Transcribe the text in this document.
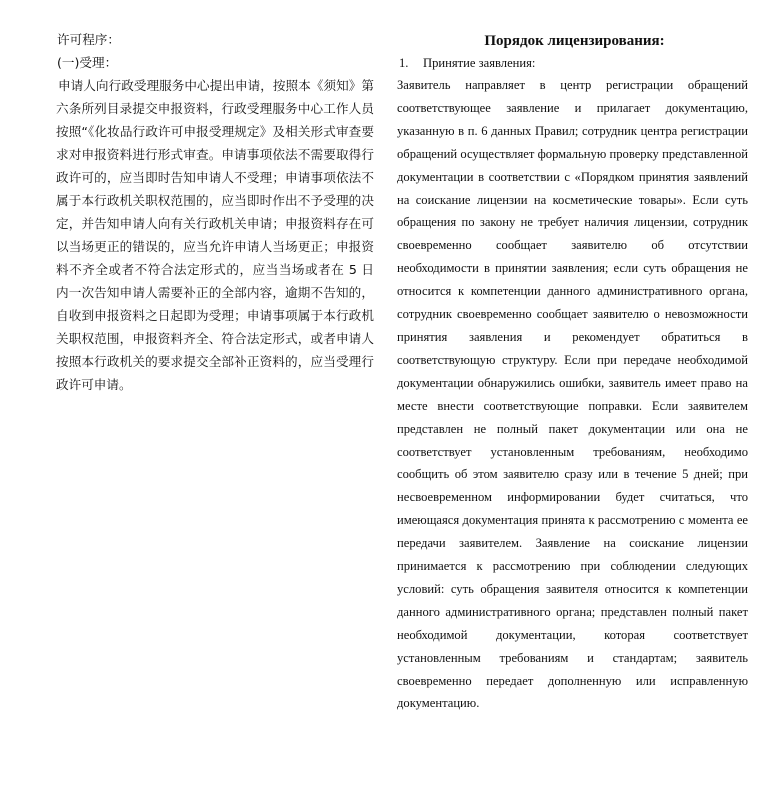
许可程序：

(一)受理：

申请人向行政受理服务中心提出申请，按照本《须知》第六条所列目录提交申报资料，行政受理服务中心工作人员按照“《化妆品行政许可申报受理规定》及相关形式审查要求对申报资料进行形式审查。申请事项依法不需要取得行政许可的，应当即时告知申请人不受理；申请事项依法不属于本行政机关职权范围的，应当即时作出不予受理的决定，并告知申请人向有关行政机关申请；申报资料存在可以当场更正的错误的，应当允许申请人当场更正；申报资料不齐全或者不符合法定形式的，应当当场或者在 5 日内一次告知申请人需要补正的全部内容，逾期不告知的，自收到申报资料之日起即为受理；申请事项属于本行政机关职权范围，申报资料齐全、符合法定形式，或者申请人按照本行政机关的要求提交全部补正资料的，应当受理行政许可申请。

Порядок лицензирования:

1. Принятие заявления:

Заявитель направляет в центр регистрации обращений соответствующее заявление и прилагает документацию, указанную в п. 6 данных Правил; сотрудник центра регистрации обращений осуществляет формальную проверку представленной документации в соответствии с «Порядком принятия заявлений на соискание лицензии на косметические товары». Если суть обращения по закону не требует наличия лицензии, сотрудник своевременно сообщает заявителю об отсутствии необходимости в принятии заявления; если суть обращения не относится к компетенции данного административного органа, сотрудник своевременно сообщает заявителю о невозможности принятия заявления и рекомендует обратиться в соответствующую структуру. Если при передаче необходимой документации обнаружились ошибки, заявитель имеет право на месте внести соответствующие поправки. Если заявителем представлен не полный пакет документации или она не соответствует установленным требованиям, необходимо сообщить об этом заявителю сразу или в течение 5 дней; при несвоевременном информировании будет считаться, что имеющаяся документация принята к рассмотрению с момента ее передачи заявителем. Заявление на соискание лицензии принимается к рассмотрению при соблюдении следующих условий: суть обращения заявителя относится к компетенции данного административного органа; представлен полный пакет необходимой документации, которая соответствует установленным требованиям и стандартам; заявитель своевременно передает дополненную или исправленную документацию.
